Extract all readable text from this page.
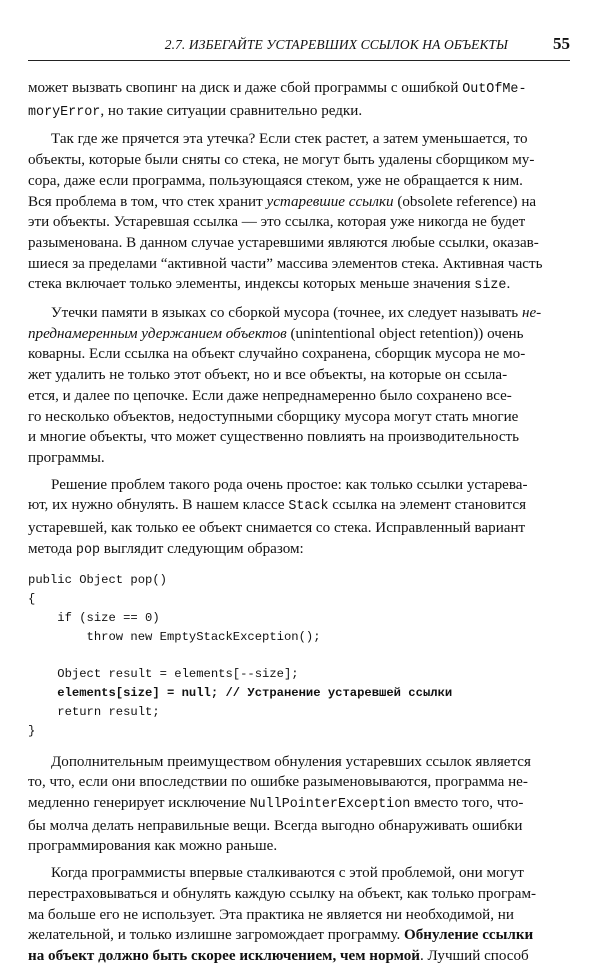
2.7. ИЗБЕГАЙТЕ УСТАРЕВШИХ ССЫЛОК НА ОБЪЕКТЫ	55
может вызвать свопинг на диск и даже сбой программы с ошибкой OutOfMe-
moryError, но такие ситуации сравнительно редки.
Так где же прячется эта утечка? Если стек растет, а затем уменьшается, то
объекты, которые были сняты со стека, не могут быть удалены сборщиком му-
сора, даже если программа, пользующаяся стеком, уже не обращается к ним.
Вся проблема в том, что стек хранит устаревшие ссылки (obsolete reference) на
эти объекты. Устаревшая ссылка — это ссылка, которая уже никогда не будет
разыменована. В данном случае устаревшими являются любые ссылки, оказав-
шиеся за пределами “активной части” массива элементов стека. Активная часть
стека включает только элементы, индексы которых меньше значения size.
Утечки памяти в языках со сборкой мусора (точнее, их следует называть не-
преднамеренным удержанием объектов (unintentional object retention)) очень
коварны. Если ссылка на объект случайно сохранена, сборщик мусора не мо-
жет удалить не только этот объект, но и все объекты, на которые он ссыла-
ется, и далее по цепочке. Если даже непреднамеренно было сохранено все-
го несколько объектов, недоступными сборщику мусора могут стать многие
и многие объекты, что может существенно повлиять на производительность
программы.
Решение проблем такого рода очень простое: как только ссылки устарева-
ют, их нужно обнулять. В нашем классе Stack ссылка на элемент становится
устаревшей, как только ее объект снимается со стека. Исправленный вариант
метода pop выглядит следующим образом:
public Object pop()
{
if (size == 0)
throw new EmptyStackException();

Object result = elements[--size];
elements[size] = null; // Устранение устаревшей ссылки
return result;
}
Дополнительным преимуществом обнуления устаревших ссылок является
то, что, если они впоследствии по ошибке разыменовываются, программа не-
медленно генерирует исключение NullPointerException вместо того, что-
бы молча делать неправильные вещи. Всегда выгодно обнаруживать ошибки
программирования как можно раньше.
Когда программисты впервые сталкиваются с этой проблемой, они могут
перестраховываться и обнулять каждую ссылку на объект, как только програм-
ма больше его не использует. Эта практика не является ни необходимой, ни
желательной, и только излишне загромождает программу. Обнуление ссылки
на объект должно быть скорее исключением, чем нормой. Лучший способ
